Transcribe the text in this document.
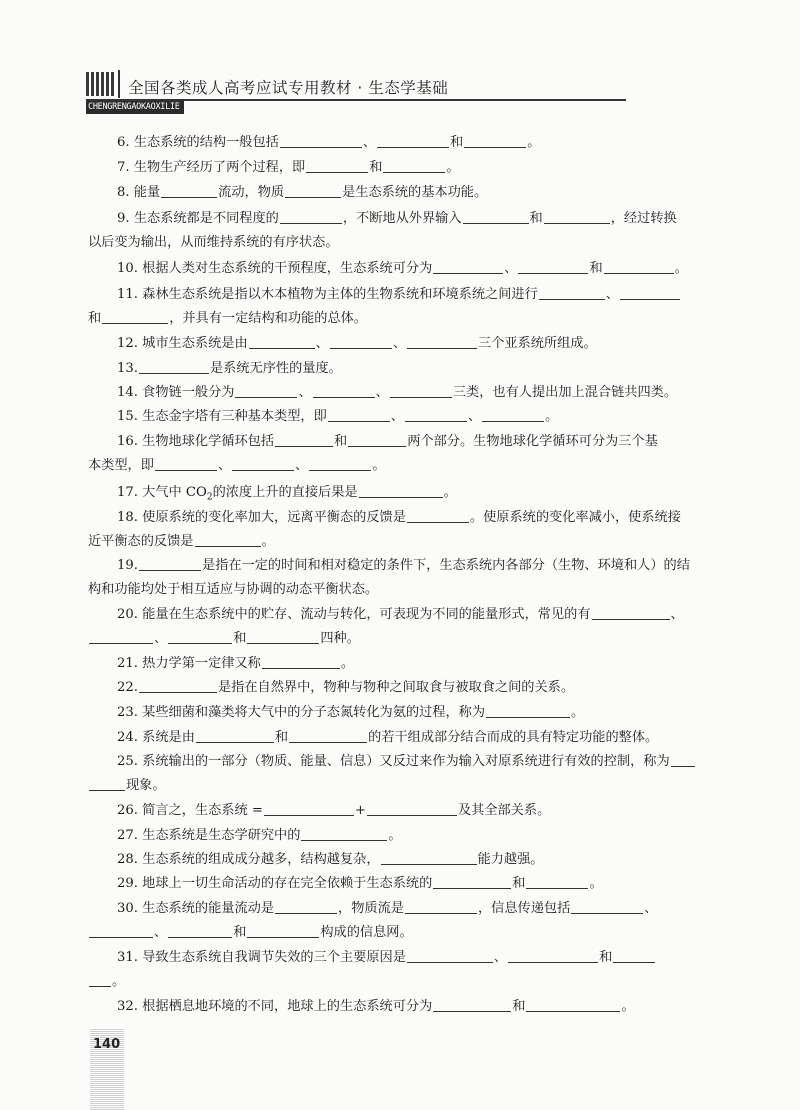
全国各类成人高考应试专用教材 · 生态学基础
CHENGRENGAOKAOXILIE
6. 生态系统的结构一般包括	、	和	。
7. 生物生产经历了两个过程，即	和	。
8. 能量	流动，物质	是生态系统的基本功能。
9. 生态系统都是不同程度的	，不断地从外界输入	和	，经过转换
以后变为输出，从而维持系统的有序状态。
10. 根据人类对生态系统的干预程度，生态系统可分为	、	和	。
11. 森林生态系统是指以木本植物为主体的生物系统和环境系统之间进行	、
和	，并具有一定结构和功能的总体。
12. 城市生态系统是由	、	、	三个亚系统所组成。
13.	是系统无序性的量度。
14. 食物链一般分为	、	、	三类，也有人提出加上混合链共四类。
15. 生态金字塔有三种基本类型，即	、	、	。
16. 生物地球化学循环包括	和	两个部分。生物地球化学循环可分为三个基
本类型，即	、	、	。
17. 大气中 $CO_2$的浓度上升的直接后果是	。
18. 使原系统的变化率加大，远离平衡态的反馈是	。使原系统的变化率减小，使系统接
近平衡态的反馈是	。
19.	是指在一定的时间和相对稳定的条件下，生态系统内各部分（生物、环境和人）的结
构和功能均处于相互适应与协调的动态平衡状态。
20. 能量在生态系统中的贮存、流动与转化，可表现为不同的能量形式，常见的有	、
、	和	四种。
21. 热力学第一定律又称	。
22.	是指在自然界中，物种与物种之间取食与被取食之间的关系。
23. 某些细菌和藻类将大气中的分子态氮转化为氨的过程，称为	。
24. 系统是由	和	的若干组成部分结合而成的具有特定功能的整体。
25. 系统输出的一部分（物质、能量、信息）又反过来作为输入对原系统进行有效的控制，称为
现象。
26. 简言之，生态系统 =	+	及其全部关系。
27. 生态系统是生态学研究中的	。
28. 生态系统的组成成分越多，结构越复杂，	能力越强。
29. 地球上一切生命活动的存在完全依赖于生态系统的	和	。
30. 生态系统的能量流动是	，物质流是	，信息传递包括	、
、	和	构成的信息网。
31. 导致生态系统自我调节失效的三个主要原因是	、	和
。
32. 根据栖息地环境的不同，地球上的生态系统可分为	和	。
140
